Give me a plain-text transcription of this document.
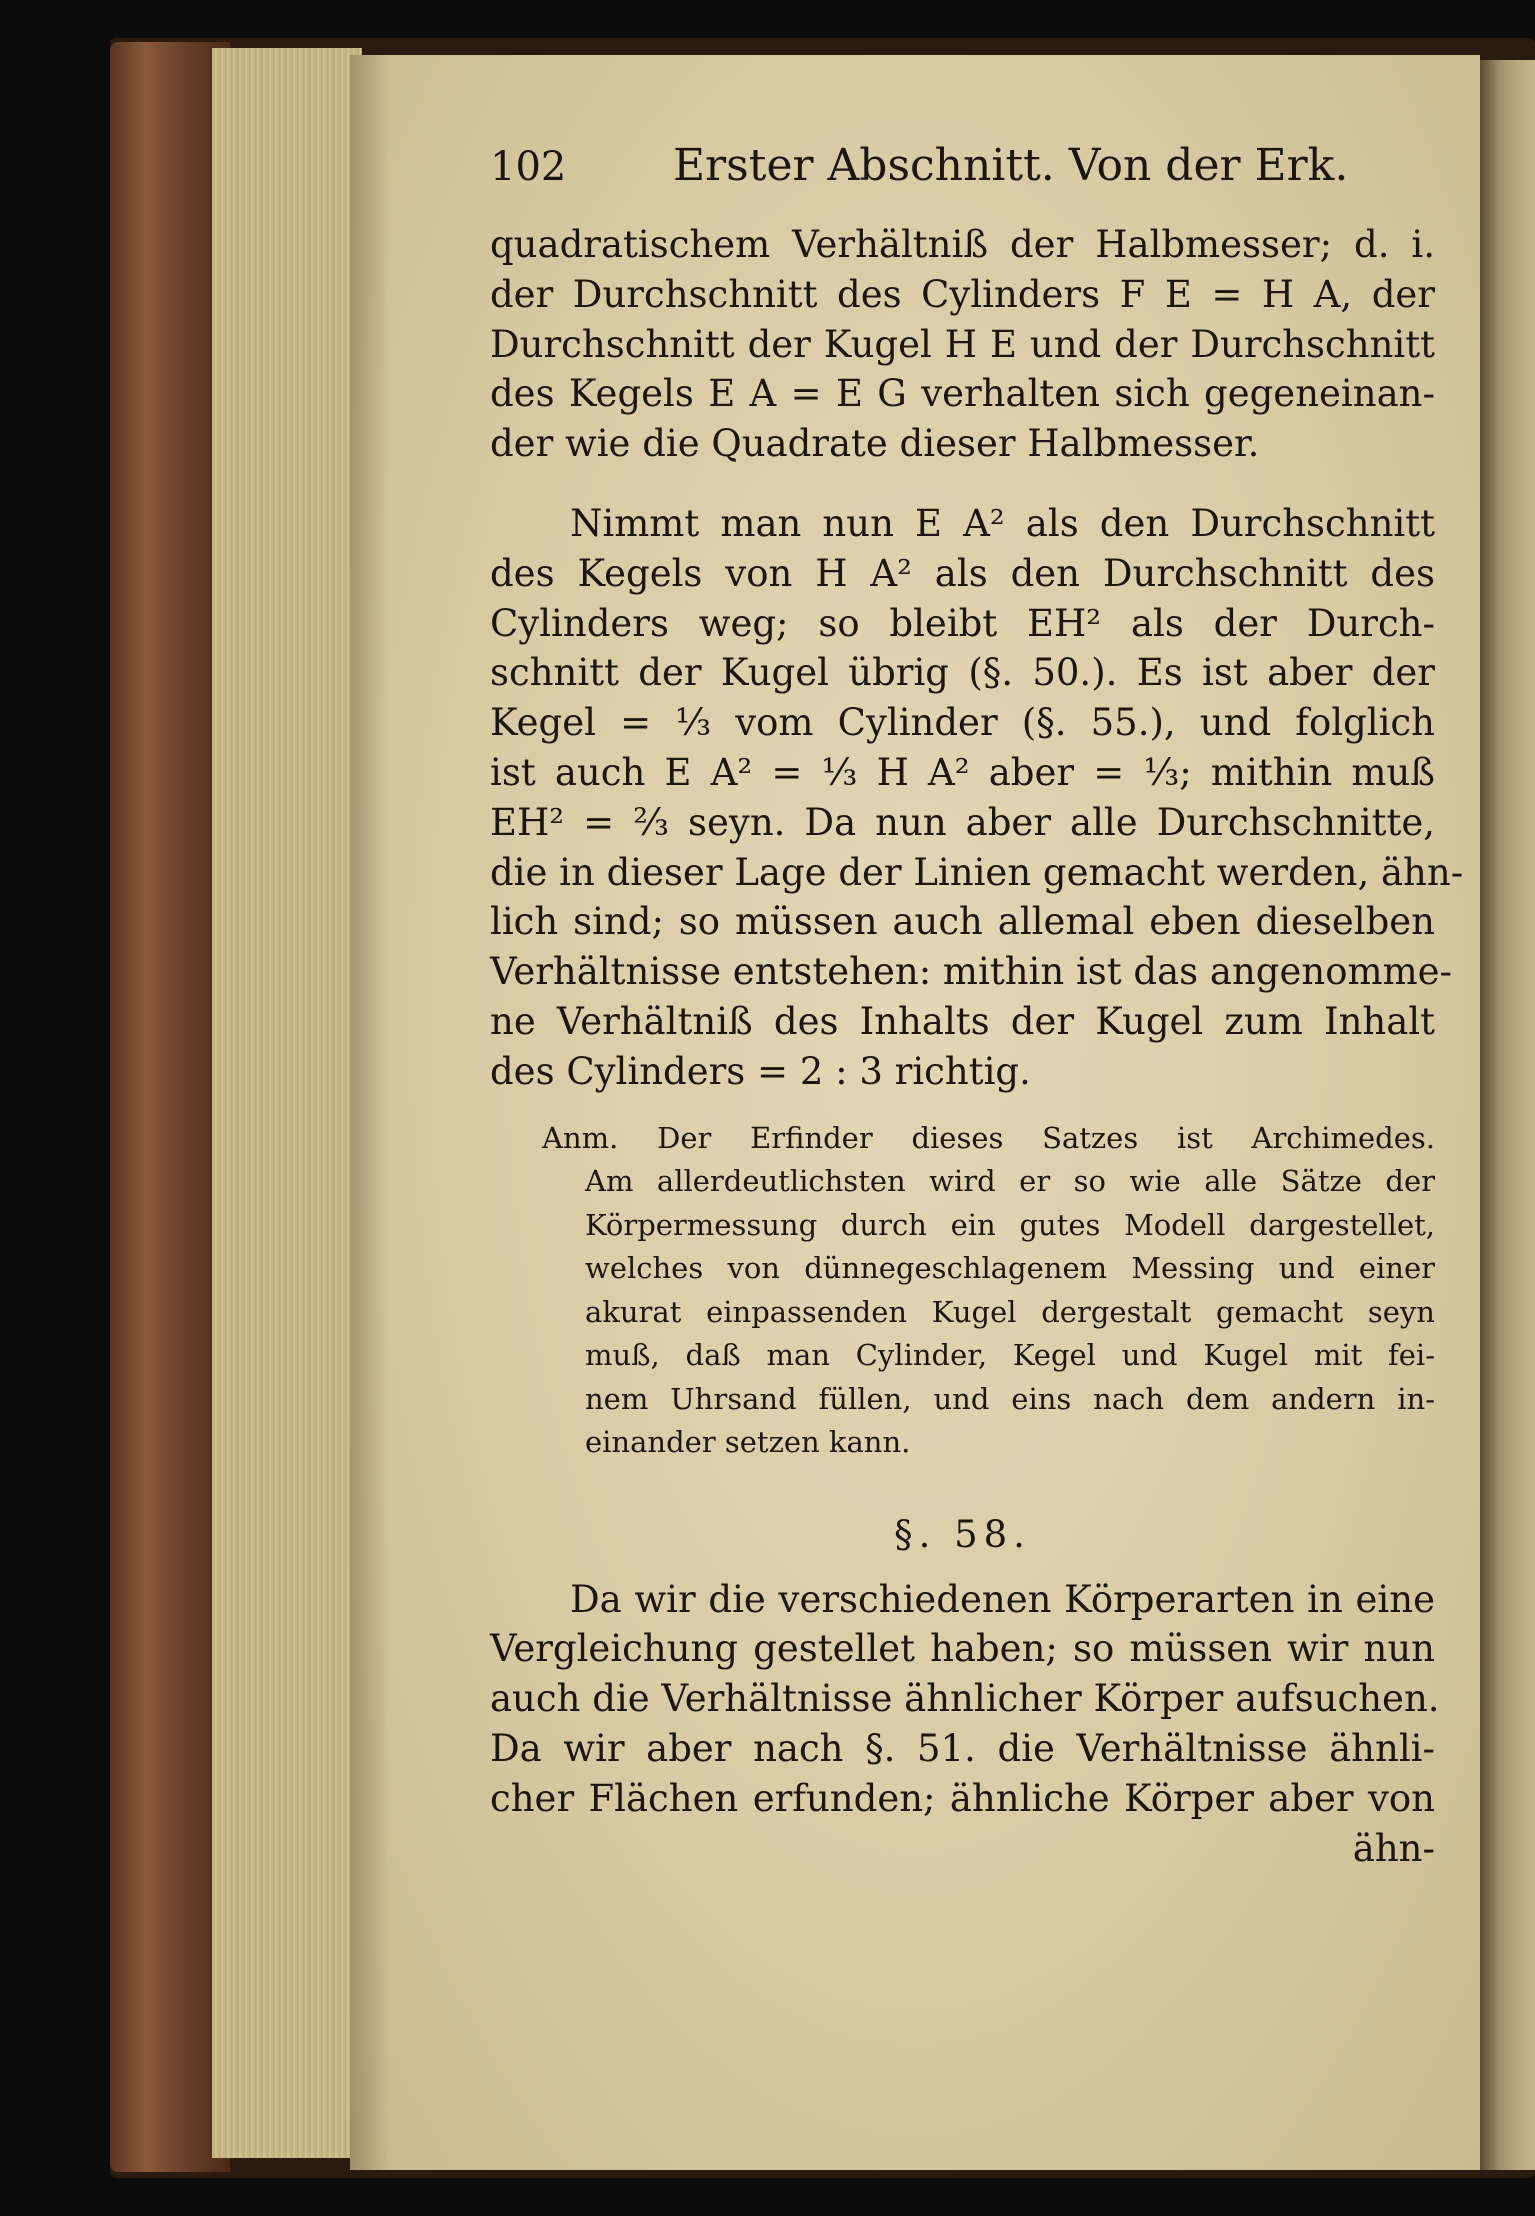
102	Erster Abschnitt. Von der Erk.
quadratischem Verhältniß der Halbmesser; d. i.
der Durchschnitt des Cylinders F E = H A, der
Durchschnitt der Kugel H E und der Durchschnitt
des Kegels E A = E G verhalten sich gegeneinan-
der wie die Quadrate dieser Halbmesser.
Nimmt man nun E A² als den Durchschnitt
des Kegels von H A² als den Durchschnitt des
Cylinders weg; so bleibt EH² als der Durch-
schnitt der Kugel übrig (§. 50.). Es ist aber der
Kegel = ⅓ vom Cylinder (§. 55.), und folglich
ist auch E A² = ⅓ H A² aber = ⅓; mithin muß
EH² = ⅔ seyn. Da nun aber alle Durchschnitte,
die in dieser Lage der Linien gemacht werden, ähn-
lich sind; so müssen auch allemal eben dieselben
Verhältnisse entstehen: mithin ist das angenomme-
ne Verhältniß des Inhalts der Kugel zum Inhalt
des Cylinders = 2 : 3 richtig.
Anm. Der Erfinder dieses Satzes ist Archimedes.
Am allerdeutlichsten wird er so wie alle Sätze der
Körpermessung durch ein gutes Modell dargestellet,
welches von dünnegeschlagenem Messing und einer
akurat einpassenden Kugel dergestalt gemacht seyn
muß, daß man Cylinder, Kegel und Kugel mit fei-
nem Uhrsand füllen, und eins nach dem andern in-
einander setzen kann.
§. 58.
Da wir die verschiedenen Körperarten in eine
Vergleichung gestellet haben; so müssen wir nun
auch die Verhältnisse ähnlicher Körper aufsuchen.
Da wir aber nach §. 51. die Verhältnisse ähnli-
cher Flächen erfunden; ähnliche Körper aber von
ähn-
